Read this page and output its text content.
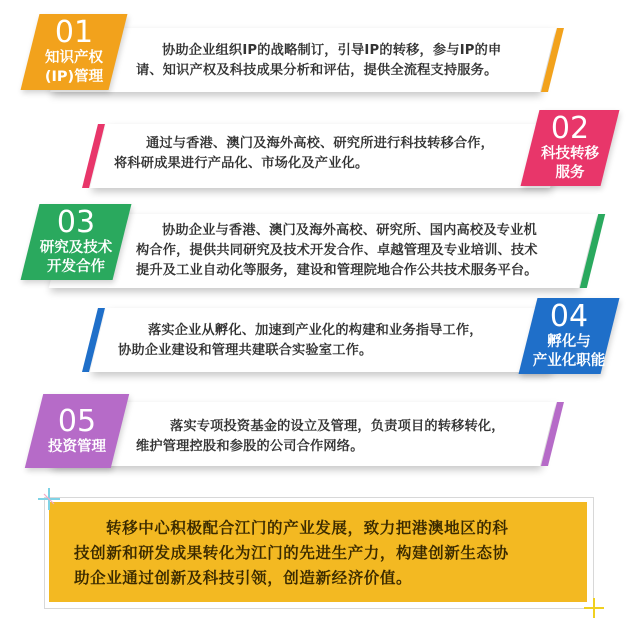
01
知识产权
(IP)管理
协助企业组织IP的战略制订，引导IP的转移，参与IP的申
请、知识产权及科技成果分析和评估，提供全流程支持服务。
02
科技转移
服务
通过与香港、澳门及海外高校、研究所进行科技转移合作，
将科研成果进行产品化、市场化及产业化。
03
研究及技术
开发合作
协助企业与香港、澳门及海外高校、研究所、国内高校及专业机
构合作，提供共同研究及技术开发合作、卓越管理及专业培训、技术
提升及工业自动化等服务，建设和管理院地合作公共技术服务平台。
04
孵化与
产业化职能
落实企业从孵化、加速到产业化的构建和业务指导工作，
协助企业建设和管理共建联合实验室工作。
05
投资管理
落实专项投资基金的设立及管理，负责项目的转移转化，
维护管理控股和参股的公司合作网络。
转移中心积极配合江门的产业发展，致力把港澳地区的科
技创新和研发成果转化为江门的先进生产力，构建创新生态协
助企业通过创新及科技引领，创造新经济价值。
